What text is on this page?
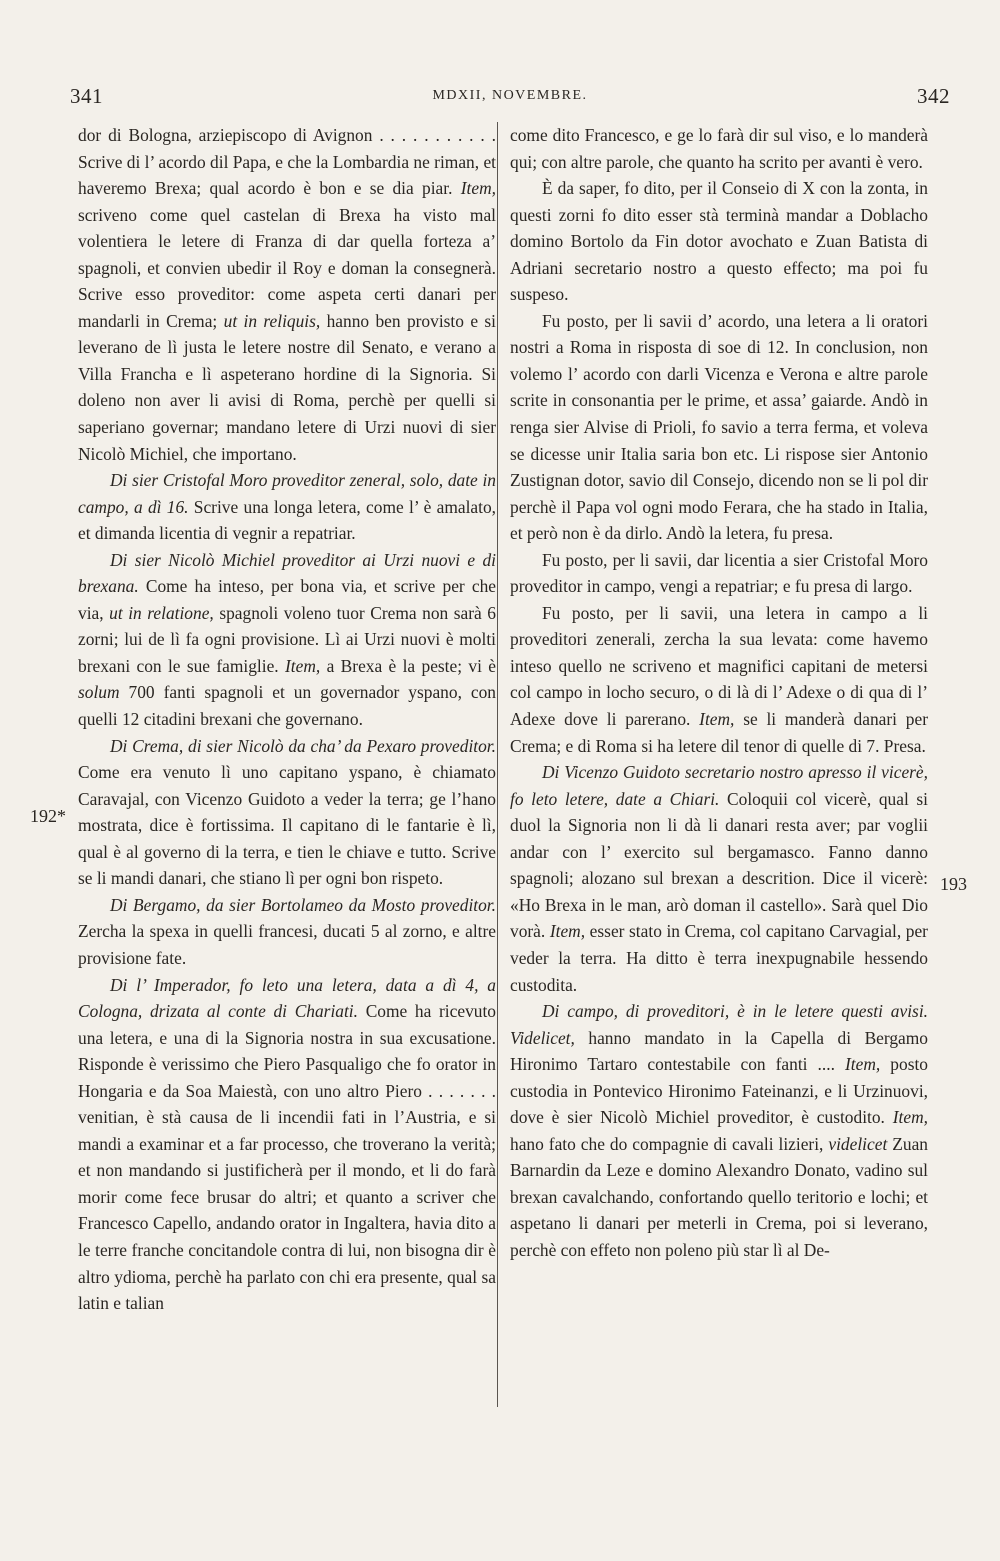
341	MDXII, NOVEMBRE.	342

dor di Bologna, arziepiscopo di Avignon . . . . . . . . . . . Scrive di l’ acordo dil Papa, e che la Lombardia ne riman, et haveremo Brexa; qual acordo è bon e se dia piar. Item, scriveno come quel castelan di Brexa ha visto mal volentiera le letere di Franza di dar quella forteza a’ spagnoli, et convien ubedir il Roy e doman la consegnerà. Scrive esso proveditor: come aspeta certi danari per mandarli in Crema; ut in reliquis, hanno ben provisto e si leverano de lì justa le letere nostre dil Senato, e verano a Villa Francha e lì aspeterano hordine di la Signoria. Si doleno non aver li avisi di Roma, perchè per quelli si saperiano governar; mandano letere di Urzi nuovi di sier Nicolò Michiel, che importano.

Di sier Cristofal Moro proveditor zeneral, solo, date in campo, a dì 16. Scrive una longa letera, come l’ è amalato, et dimanda licentia di vegnir a repatriar.

Di sier Nicolò Michiel proveditor ai Urzi nuovi e di brexana. Come ha inteso, per bona via, et scrive per che via, ut in relatione, spagnoli voleno tuor Crema non sarà 6 zorni; lui de lì fa ogni provisione. Lì ai Urzi nuovi è molti brexani con le sue famiglie. Item, a Brexa è la peste; vi è solum 700 fanti spagnoli et un governador yspano, con quelli 12 citadini brexani che governano.

Di Crema, di sier Nicolò da cha’ da Pexaro proveditor. Come era venuto lì uno capitano yspano, è chiamato Caravajal, con Vicenzo Guidoto a veder la terra; ge l’hano mostrata, dice è fortissima. Il capitano di le fantarie è lì, qual è al governo di la terra, e tien le chiave e tutto. Scrive se li mandi danari, che stiano lì per ogni bon rispeto.

Di Bergamo, da sier Bortolameo da Mosto proveditor. Zercha la spexa in quelli francesi, ducati 5 al zorno, e altre provisione fate.

Di l’ Imperador, fo leto una letera, data a dì 4, a Cologna, drizata al conte di Chariati. Come ha ricevuto una letera, e una di la Signoria nostra in sua excusatione. Risponde è verissimo che Piero Pasqualigo che fo orator in Hongaria e da Soa Maiestà, con uno altro Piero . . . . . . . venitian, è stà causa de li incendii fati in l’Austria, e si mandi a examinar et a far processo, che troverano la verità; et non mandando si justificherà per il mondo, et li do farà morir come fece brusar do altri; et quanto a scriver che Francesco Capello, andando orator in Ingaltera, havia dito a le terre franche concitandole contra di lui, non bisogna dir è altro ydioma, perchè ha parlato con chi era presente, qual sa latin e talian

come dito Francesco, e ge lo farà dir sul viso, e lo manderà qui; con altre parole, che quanto ha scrito per avanti è vero.

È da saper, fo dito, per il Conseio di X con la zonta, in questi zorni fo dito esser stà terminà mandar a Doblacho domino Bortolo da Fin dotor avochato e Zuan Batista di Adriani secretario nostro a questo effecto; ma poi fu suspeso.

Fu posto, per li savii d’ acordo, una letera a li oratori nostri a Roma in risposta di soe di 12. In conclusion, non volemo l’ acordo con darli Vicenza e Verona e altre parole scrite in consonantia per le prime, et assa’ gaiarde. Andò in renga sier Alvise di Prioli, fo savio a terra ferma, et voleva se dicesse unir Italia saria bon etc. Li rispose sier Antonio Zustignan dotor, savio dil Consejo, dicendo non se li pol dir perchè il Papa vol ogni modo Ferara, che ha stado in Italia, et però non è da dirlo. Andò la letera, fu presa.

Fu posto, per li savii, dar licentia a sier Cristofal Moro proveditor in campo, vengi a repatriar; e fu presa di largo.

Fu posto, per li savii, una letera in campo a li proveditori zenerali, zercha la sua levata: come havemo inteso quello ne scriveno et magnifici capitani de metersi col campo in locho securo, o di là di l’ Adexe o di qua di l’ Adexe dove li parerano. Item, se li manderà danari per Crema; e di Roma si ha letere dil tenor di quelle di 7. Presa.

Di Vicenzo Guidoto secretario nostro apresso il vicerè, fo leto letere, date a Chiari. Coloquii col vicerè, qual si duol la Signoria non li dà li danari resta aver; par voglii andar con l’ exercito sul bergamasco. Fanno danno spagnoli; alozano sul brexan a descrition. Dice il vicerè: «Ho Brexa in le man, arò doman il castello». Sarà quel Dio vorà. Item, esser stato in Crema, col capitano Carvagial, per veder la terra. Ha ditto è terra inexpugnabile hessendo custodita.

Di campo, di proveditori, è in le letere questi avisi. Videlicet, hanno mandato in la Capella di Bergamo Hironimo Tartaro contestabile con fanti .... Item, posto custodia in Pontevico Hironimo Fateinanzi, e li Urzinuovi, dove è sier Nicolò Michiel proveditor, è custodito. Item, hano fato che do compagnie di cavali lizieri, videlicet Zuan Barnardin da Leze e domino Alexandro Donato, vadino sul brexan cavalchando, confortando quello teritorio e lochi; et aspetano li danari per meterli in Crema, poi si leverano, perchè con effeto non poleno più star lì al De-

192*
193
